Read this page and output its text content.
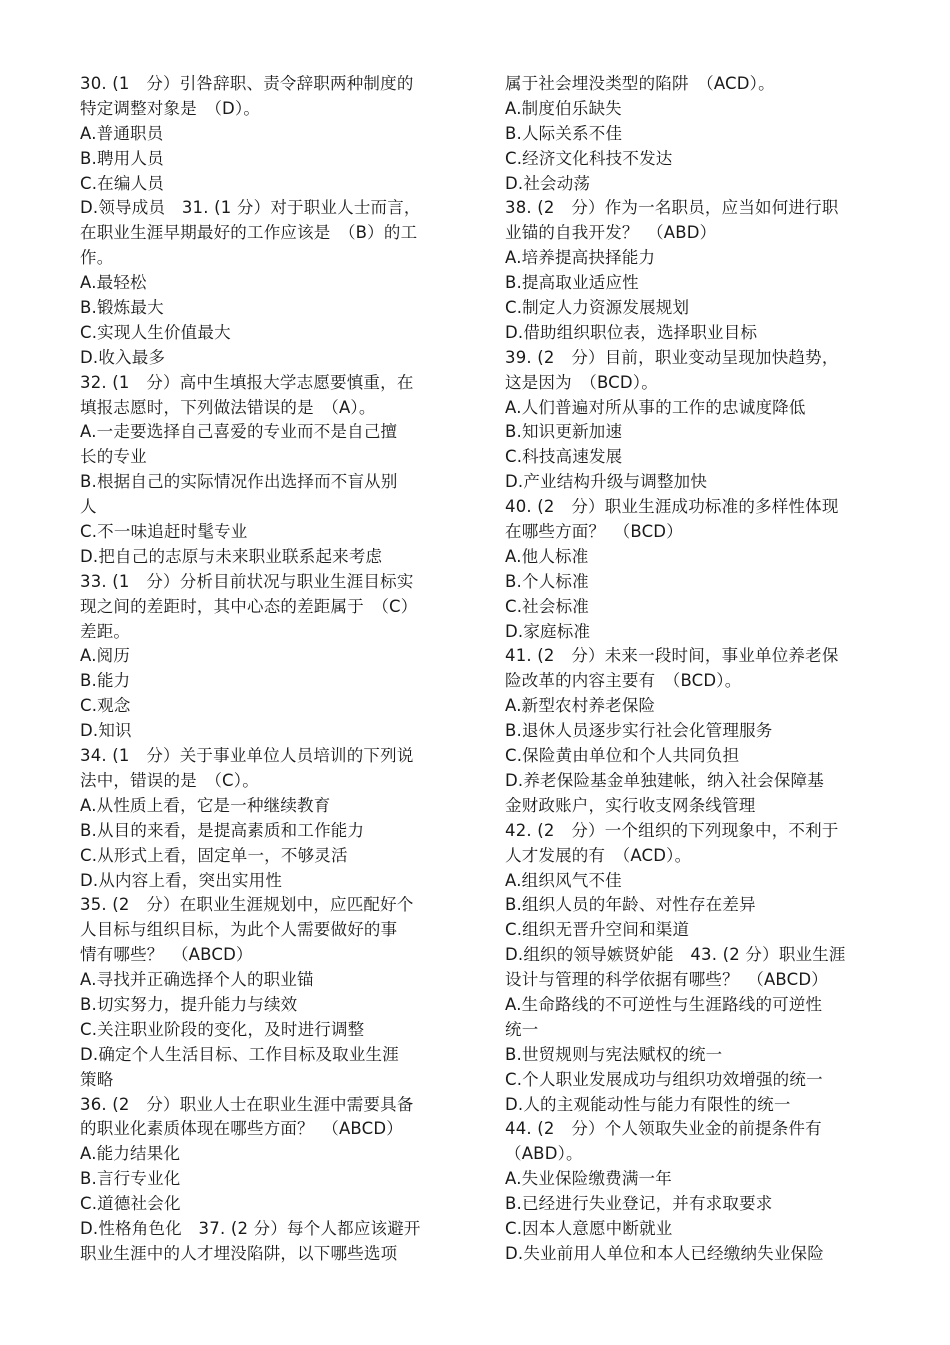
30. (1　分）引咎辞职、责令辞职两种制度的
特定调整对象是　（D）。
A.普通职员
B.聘用人员
C.在编人员
D.领导成员　31. (1 分）对于职业人士而言，
在职业生涯早期最好的工作应该是　（B）的工
作。
A.最轻松
B.锻炼最大
C.实现人生价值最大
D.收入最多
32. (1　分）高中生填报大学志愿要慎重，在
填报志愿时，下列做法错误的是　（A）。
A.一走要选择自己喜爱的专业而不是自己擅
长的专业
B.根据自己的实际情况作出选择而不盲从别
人
C.不一味追赶时髦专业
D.把自己的志原与未来职业联系起来考虑
33. (1　分）分析目前状况与职业生涯目标实
现之间的差距时，其中心态的差距属于　（C）
差距。
A.阅历
B.能力
C.观念
D.知识
34. (1　分）关于事业单位人员培训的下列说
法中，错误的是　（C）。
A.从性质上看，它是一种继续教育
B.从目的来看，是提高素质和工作能力
C.从形式上看，固定单一，不够灵活
D.从内容上看，突出实用性
35. (2　分）在职业生涯规划中，应匹配好个
人目标与组织目标，为此个人需要做好的事
情有哪些？　（ABCD）
A.寻找并正确选择个人的职业锚
B.切实努力，提升能力与续效
C.关注职业阶段的变化，及时进行调整
D.确定个人生活目标、工作目标及取业生涯
策略
36. (2　分）职业人士在职业生涯中需要具备
的职业化素质体现在哪些方面？　（ABCD）
A.能力结果化
B.言行专业化
C.道德社会化
D.性格角色化　37. (2 分）每个人都应该避开
职业生涯中的人才埋没陷阱，以下哪些选项
属于社会埋没类型的陷阱　（ACD）。
A.制度伯乐缺失
B.人际关系不佳
C.经济文化科技不发达
D.社会动荡
38. (2　分）作为一名职员，应当如何进行职
业锚的自我开发？　（ABD）
A.培养提高抉择能力
B.提高取业适应性
C.制定人力资源发展规划
D.借助组织职位表，选择职业目标
39. (2　分）目前，职业变动呈现加快趋势，
这是因为　（BCD）。
A.人们普遍对所从事的工作的忠诚度降低
B.知识更新加速
C.科技高速发展
D.产业结构升级与调整加快
40. (2　分）职业生涯成功标准的多样性体现
在哪些方面？　（BCD）
A.他人标准
B.个人标准
C.社会标准
D.家庭标准
41. (2　分）未来一段时间，事业单位养老保
险改革的内容主要有　（BCD）。
A.新型农村养老保险
B.退休人员逐步实行社会化管理服务
C.保险黄由单位和个人共同负担
D.养老保险基金单独建帐，纳入社会保障基
金财政账户，实行收支网条线管理
42. (2　分）一个组织的下列现象中，不利于
人才发展的有　（ACD）。
A.组织风气不佳
B.组织人员的年龄、对性存在差异
C.组织无晋升空间和渠道
D.组织的领导嫉贤妒能　43. (2 分）职业生涯
设计与管理的科学依据有哪些？　（ABCD）
A.生命路线的不可逆性与生涯路线的可逆性
统一
B.世贸规则与宪法赋权的统一
C.个人职业发展成功与组织功效增强的统一
D.人的主观能动性与能力有限性的统一
44. (2　分）个人领取失业金的前提条件有
（ABD）。
A.失业保险缴费满一年
B.已经进行失业登记，并有求取要求
C.因本人意愿中断就业
D.失业前用人单位和本人已经缴纳失业保险
